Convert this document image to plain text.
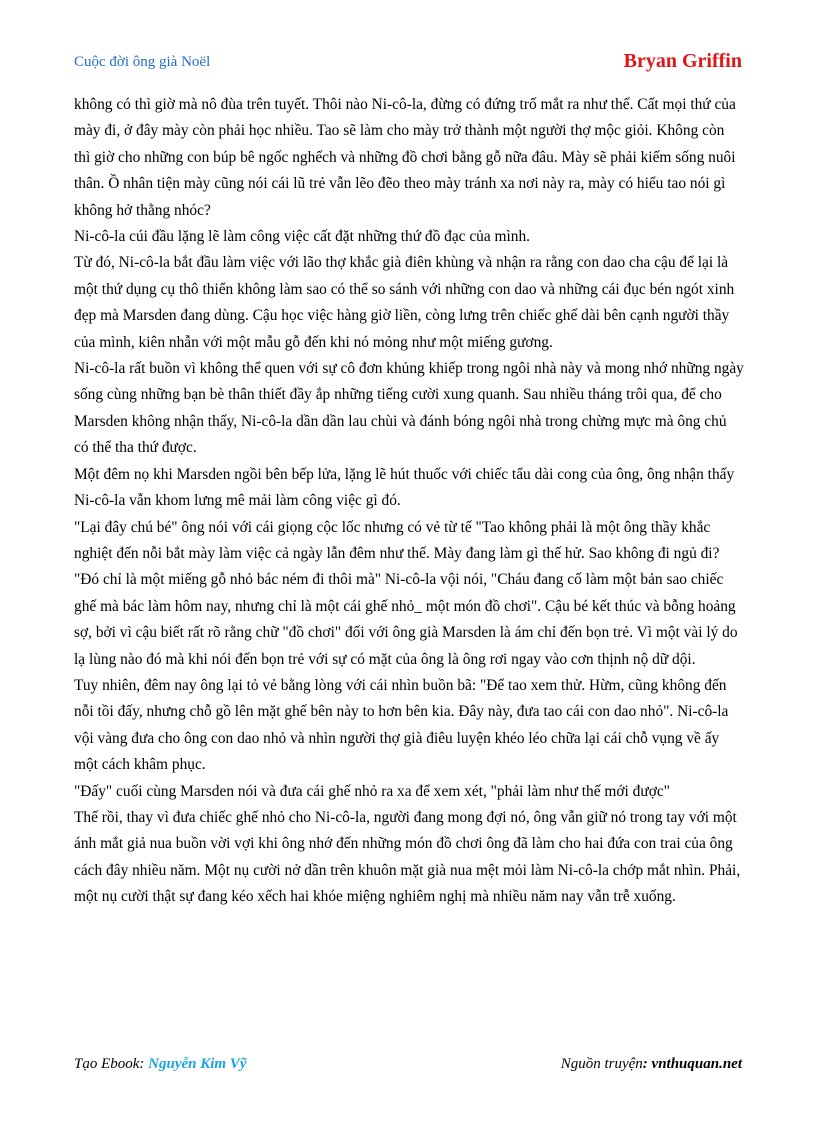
Cuộc đời ông già Noël	Bryan Griffin

không có thì giờ mà nô đùa trên tuyết. Thôi nào Ni-cô-la, đừng có đứng trố mắt ra như thế. Cất mọi thứ của mày đi, ở đây mày còn phải học nhiều. Tao sẽ làm cho mày trở thành một người thợ mộc giỏi. Không còn thì giờ cho những con búp bê ngốc nghếch và những đồ chơi bằng gỗ nữa đâu. Mày sẽ phải kiếm sống nuôi thân. Ồ nhân tiện mày cũng nói cái lũ trẻ vẫn lẽo đẽo theo mày tránh xa nơi này ra, mày có hiểu tao nói gì không hở thằng nhóc?

Ni-cô-la cúi đầu lặng lẽ làm công việc cất đặt những thứ đồ đạc của mình.

Từ đó, Ni-cô-la bắt đầu làm việc với lão thợ khắc già điên khùng và nhận ra rằng con dao cha cậu để lại là một thứ dụng cụ thô thiển không làm sao có thể so sánh với những con dao và những cái đục bén ngót xinh đẹp mà Marsden đang dùng. Cậu học việc hàng giờ liền, còng lưng trên chiếc ghế dài bên cạnh người thầy của mình, kiên nhẫn với một mẫu gỗ đến khi nó mỏng như một miếng gương.

Ni-cô-la rất buồn vì không thể quen với sự cô đơn khủng khiếp trong ngôi nhà này và mong nhớ những ngày sống cùng những bạn bè thân thiết đầy ắp những tiếng cười xung quanh. Sau nhiều tháng trôi qua, để cho Marsden không nhận thấy, Ni-cô-la dần dần lau chùi và đánh bóng ngôi nhà trong chừng mực mà ông chủ có thể tha thứ được.

Một đêm nọ khi Marsden ngồi bên bếp lửa, lặng lẽ hút thuốc với chiếc tẩu dài cong của ông, ông nhận thấy Ni-cô-la vẫn khom lưng mê mải làm công việc gì đó.

"Lại đây chú bé" ông nói với cái giọng cộc lốc nhưng có vẻ từ tế "Tao không phải là một ông thầy khắc nghiệt đến nỗi bắt mày làm việc cả ngày lẫn đêm như thế. Mày đang làm gì thế hử. Sao không đi ngủ đi?

"Đó chỉ là một miếng gỗ nhỏ bác ném đi thôi mà" Ni-cô-la vội nói, "Cháu đang cố làm một bản sao chiếc ghế mà bác làm hôm nay, nhưng chỉ là một cái ghế nhỏ_ một món đồ chơi". Cậu bé kết thúc và bỗng hoảng sợ, bởi vì cậu biết rất rõ rằng chữ "đồ chơi" đối với ông già Marsden là ám chỉ đến bọn trẻ. Vì một vài lý do lạ lùng nào đó mà khi nói đến bọn trẻ với sự có mặt của ông là ông rơi ngay vào cơn thịnh nộ dữ dội.

Tuy nhiên, đêm nay ông lại tỏ vẻ bằng lòng với cái nhìn buồn bã: "Để tao xem thử. Hừm, cũng không đến nỗi tồi đấy, nhưng chỗ gồ lên mặt ghế bên này to hơn bên kia. Đây này, đưa tao cái con dao nhỏ". Ni-cô-la vội vàng đưa cho ông con dao nhỏ và nhìn người thợ già điêu luyện khéo léo chữa lại cái chỗ vụng về ấy một cách khâm phục.

"Đấy" cuối cùng Marsden nói và đưa cái ghế nhỏ ra xa để xem xét, "phải làm như thế mới được"

Thế rồi, thay vì đưa chiếc ghế nhỏ cho Ni-cô-la, người đang mong đợi nó, ông vẫn giữ nó trong tay với một ánh mắt giả nua buồn vời vợi khi ông nhớ đến những món đồ chơi ông đã làm cho hai đứa con trai của ông cách đây nhiều năm. Một nụ cười nở dần trên khuôn mặt già nua mệt mỏi làm Ni-cô-la chớp mắt nhìn. Phải, một nụ cười thật sự đang kéo xếch hai khóe miệng nghiêm nghị mà nhiều năm nay vẫn trễ xuống.

Tạo Ebook: Nguyễn Kim Vỹ	Nguồn truyện: vnthuquan.net
